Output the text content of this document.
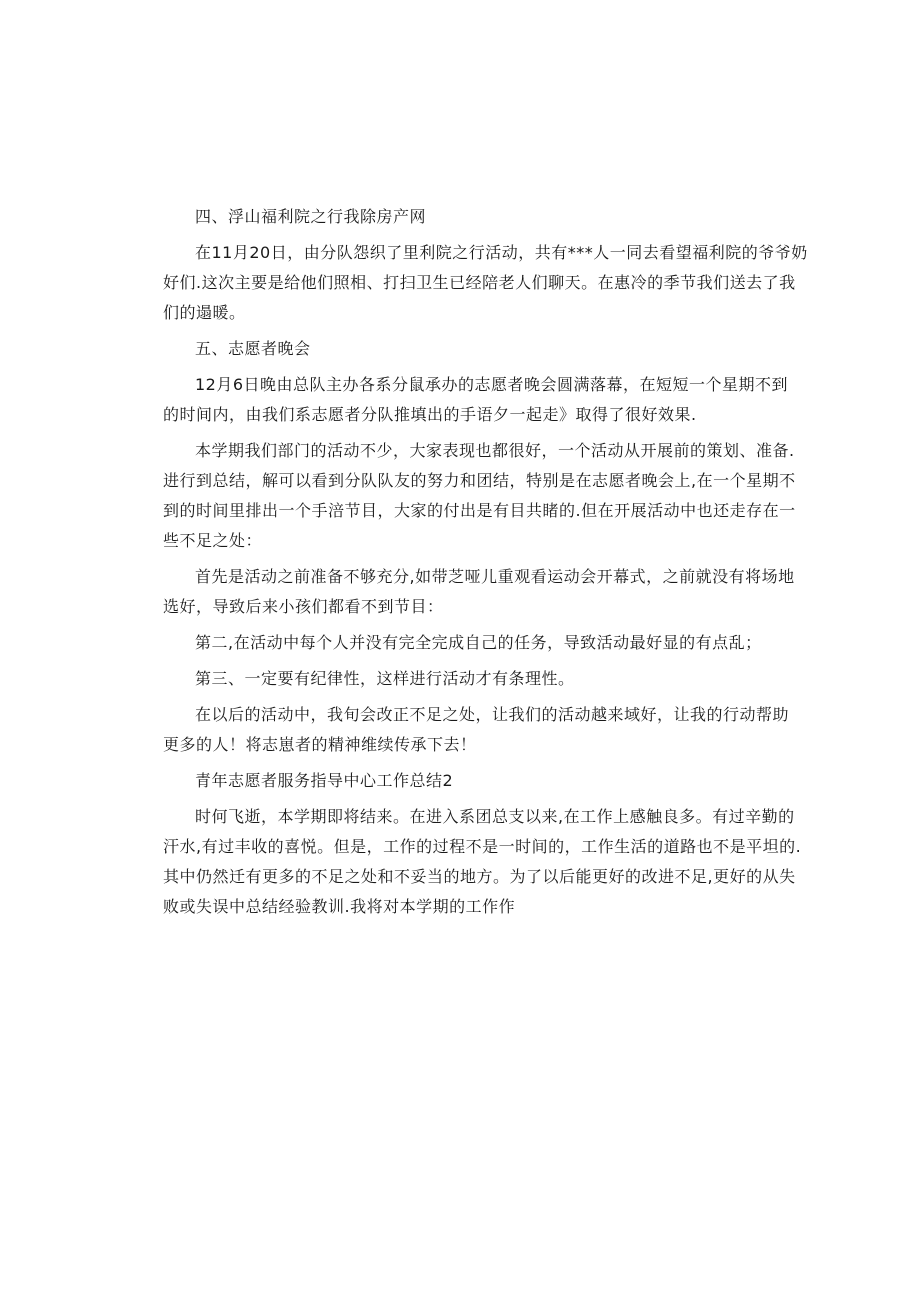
四、浮山福利院之行我除房产网
在11月20日，由分队怨织了里利院之行活动，共有***人一同去看望福利院的爷爷奶
好们.这次主要是给他们照相、打扫卫生已经陪老人们聊天。在惠冷的季节我们送去了我
们的遢暖。
五、志愿者晚会
12月6日晚由总队主办各系分鼠承办的志愿者晚会圆满落幕，在短短一个星期不到
的时间内，由我们系志愿者分队推填出的手语夕一起走》取得了很好效果.
本学期我们部门的活动不少，大家表现也都很好，一个活动从开展前的策划、准备.
进行到总结，解可以看到分队队友的努力和团结，特别是在志愿者晚会上,在一个星期不
到的时间里排出一个手涪节目，大家的付出是有目共睹的.但在开展活动中也还走存在一
些不足之处：
首先是活动之前准备不够充分,如带芝哑儿重观看运动会开幕式，之前就没有将场地
选好，导致后来小孩们都看不到节目：
第二,在活动中每个人并没有完全完成自己的任务，导致活动最好显的有点乱；
第三、一定要有纪律性，这样进行活动才有条理性。
在以后的活动中，我旬会改正不足之处，让我们的活动越来域好，让我的行动帮助
更多的人！将志崽者的精神维续传承下去！
青年志愿者服务指导中心工作总结2
时何飞逝，本学期即将结来。在进入系团总支以来,在工作上感触良多。有过辛勤的
汗水,有过丰收的喜悦。但是，工作的过程不是一时间的，工作生活的道路也不是平坦的.
其中仍然迁有更多的不足之处和不妥当的地方。为了以后能更好的改进不足,更好的从失
败或失误中总结经验教训.我将对本学期的工作作
